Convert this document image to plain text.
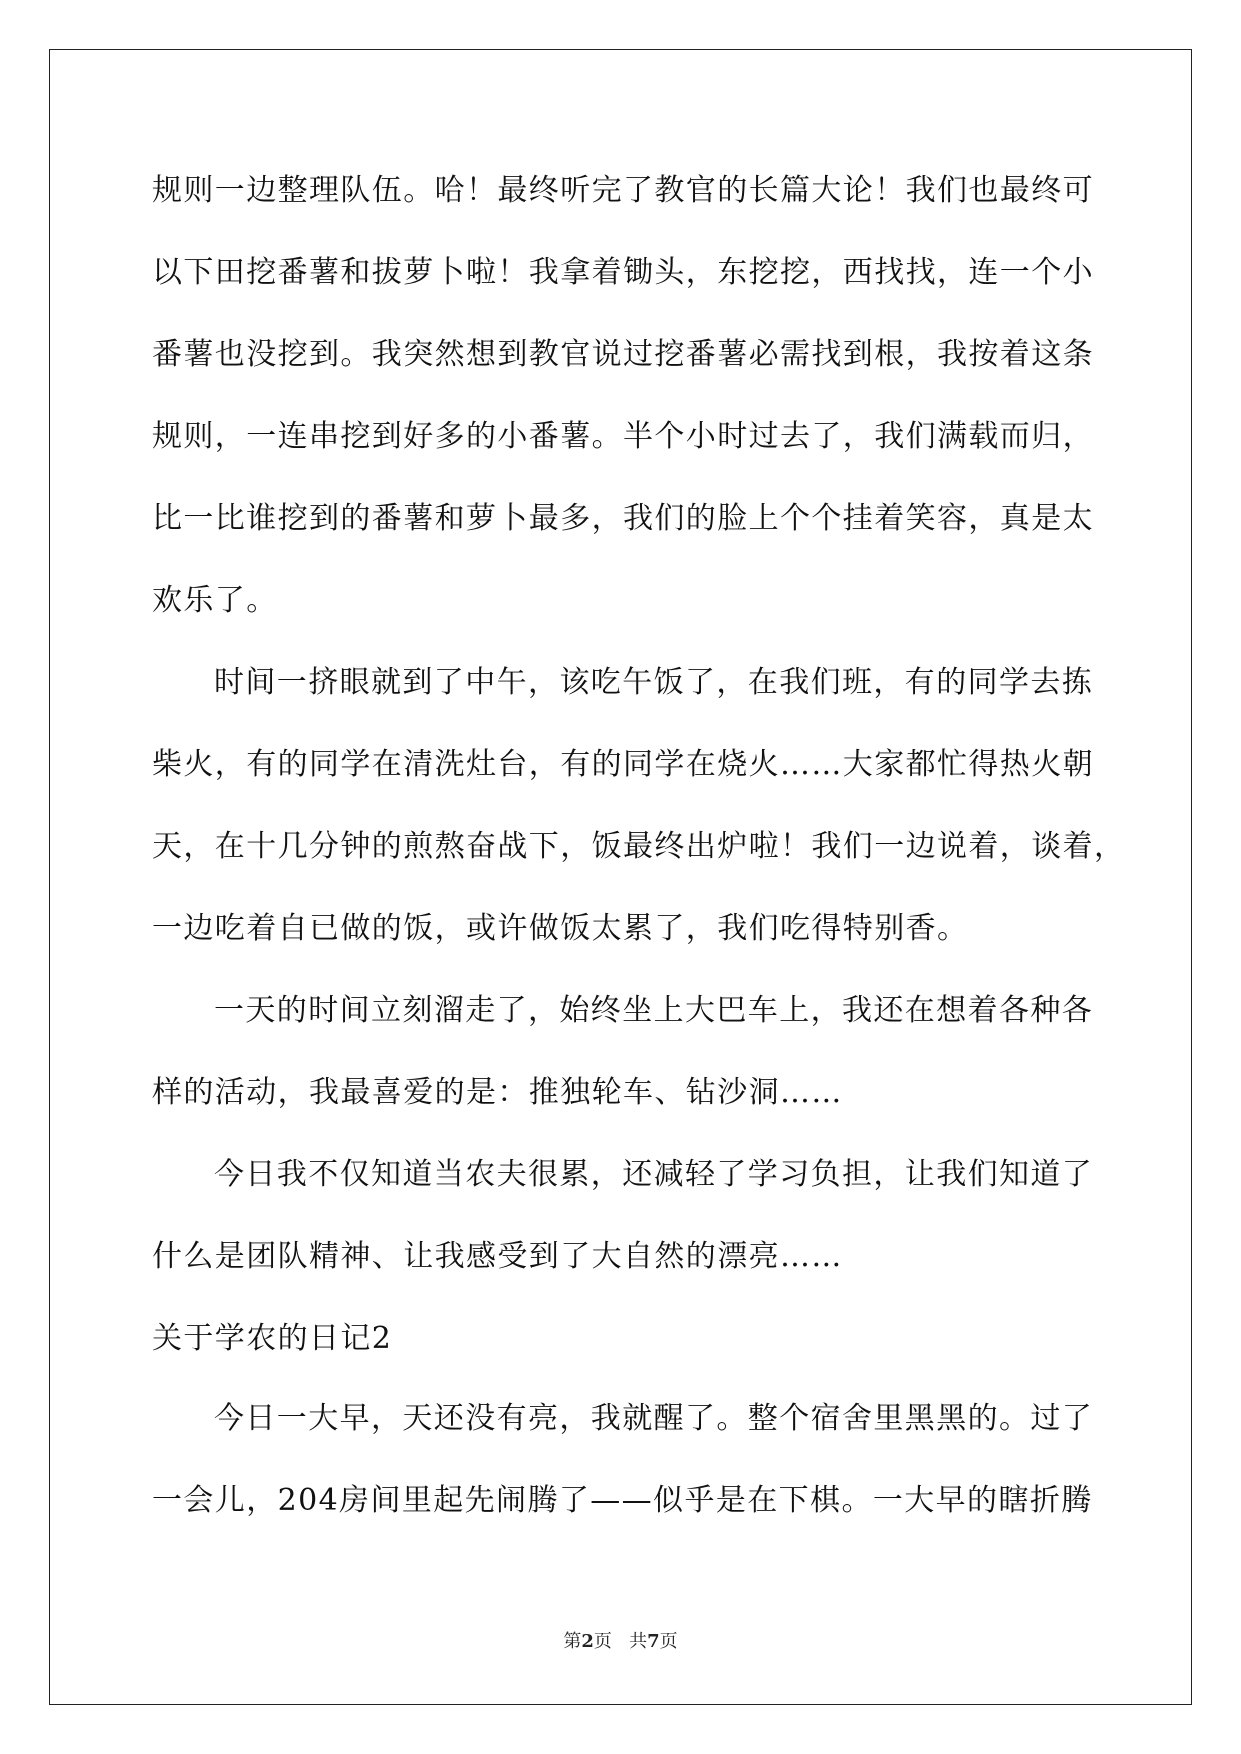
规则一边整理队伍。哈！最终听完了教官的长篇大论！我们也最终可
以下田挖番薯和拔萝卜啦！我拿着锄头，东挖挖，西找找，连一个小
番薯也没挖到。我突然想到教官说过挖番薯必需找到根，我按着这条
规则，一连串挖到好多的小番薯。半个小时过去了，我们满载而归，
比一比谁挖到的番薯和萝卜最多，我们的脸上个个挂着笑容，真是太
欢乐了。
时间一挤眼就到了中午，该吃午饭了，在我们班，有的同学去拣
柴火，有的同学在清洗灶台，有的同学在烧火……大家都忙得热火朝
天，在十几分钟的煎熬奋战下，饭最终出炉啦！我们一边说着，谈着，
一边吃着自已做的饭，或许做饭太累了，我们吃得特别香。
一天的时间立刻溜走了，始终坐上大巴车上，我还在想着各种各
样的活动，我最喜爱的是：推独轮车、钻沙洞……
今日我不仅知道当农夫很累，还减轻了学习负担，让我们知道了
什么是团队精神、让我感受到了大自然的漂亮……
关于学农的日记2
今日一大早，天还没有亮，我就醒了。整个宿舍里黑黑的。过了
一会儿，204房间里起先闹腾了——似乎是在下棋。一大早的瞎折腾
第2页   共7页
